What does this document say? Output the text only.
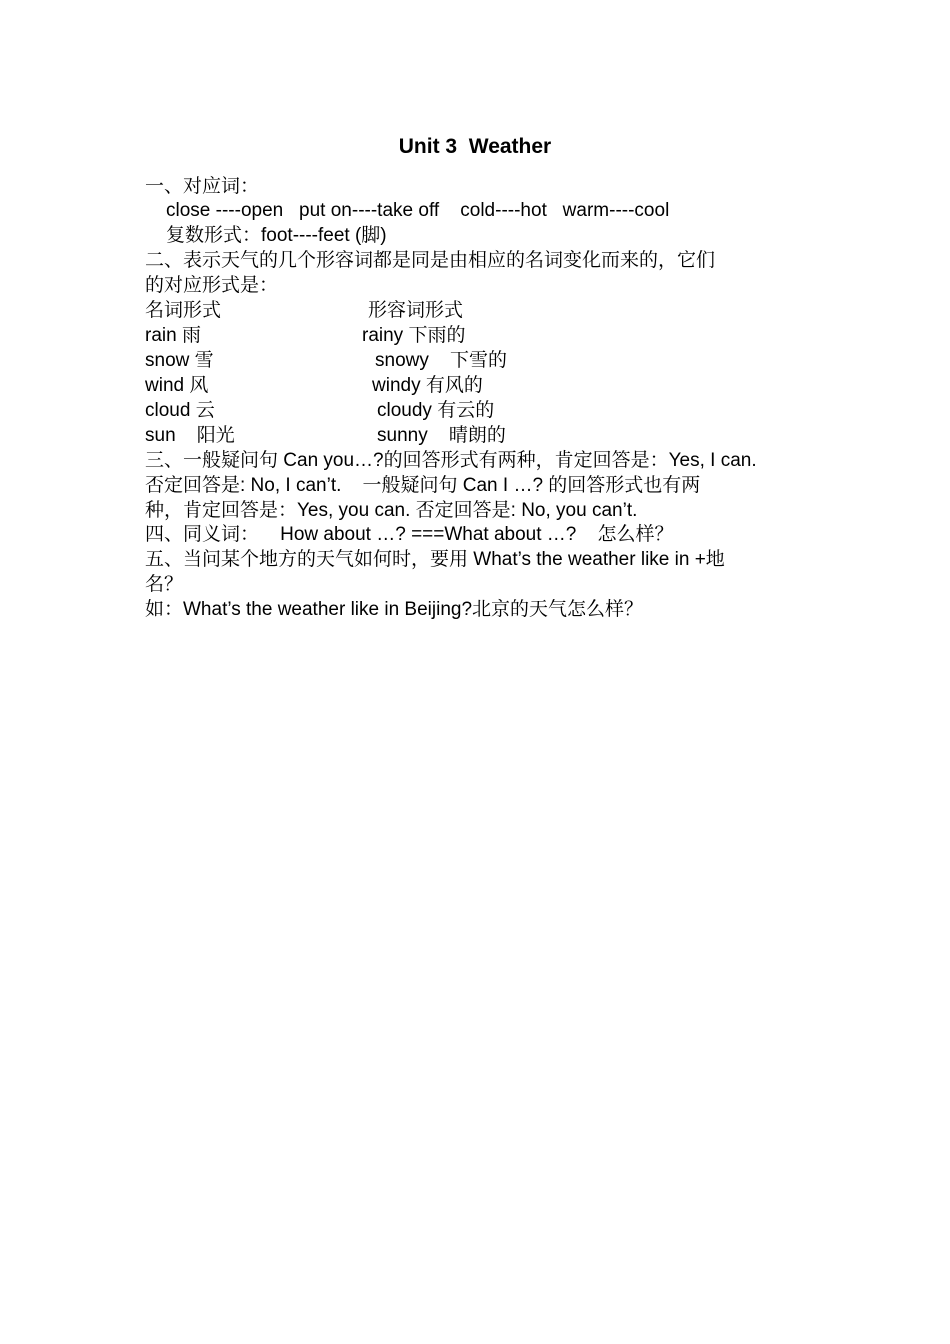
Unit 3  Weather
一、对应词：
close ----open   put on----take off    cold----hot   warm----cool
复数形式：foot----feet (脚)
二、表示天气的几个形容词都是同是由相应的名词变化而来的，它们
的对应形式是：
名词形式	形容词形式
rain 雨	rainy 下雨的
snow 雪	snowy    下雪的
wind 风	windy 有风的
cloud 云	cloudy 有云的
sun    阳光	sunny    晴朗的
三、一般疑问句 Can you…?的回答形式有两种，肯定回答是：Yes, I can.
否定回答是: No, I can’t.    一般疑问句 Can I …? 的回答形式也有两
种，肯定回答是：Yes, you can. 否定回答是: No, you can’t.
四、同义词：    How about …? ===What about …?    怎么样？
五、当问某个地方的天气如何时，要用 What’s the weather like in +地
名？
如：What’s the weather like in Beijing?北京的天气怎么样？
